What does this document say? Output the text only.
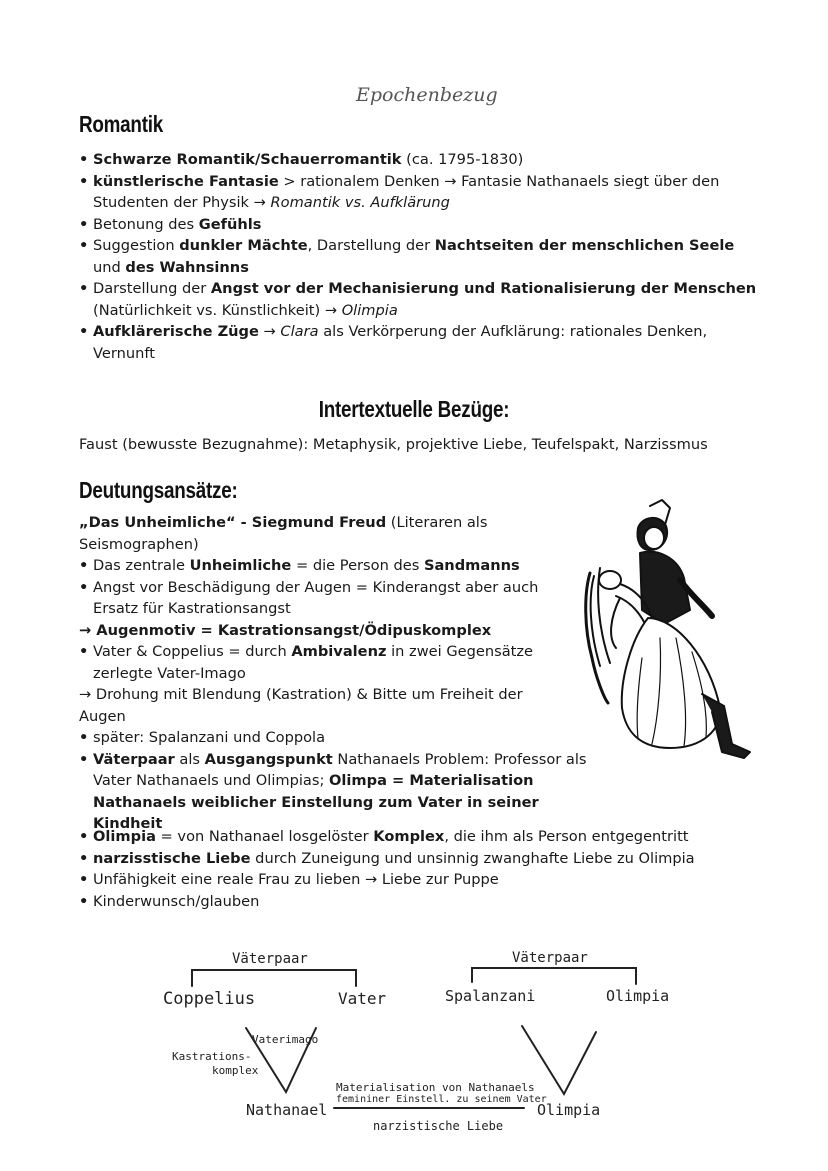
Epochenbezug
Romantik
• Schwarze Romantik/Schauerromantik (ca. 1795-1830)
• künstlerische Fantasie > rationalem Denken → Fantasie Nathanaels siegt über den Studenten der Physik → Romantik vs. Aufklärung
• Betonung des Gefühls
• Suggestion dunkler Mächte, Darstellung der Nachtseiten der menschlichen Seele und des Wahnsinns
• Darstellung der Angst vor der Mechanisierung und Rationalisierung der Menschen (Natürlichkeit vs. Künstlichkeit) → Olimpia
• Aufklärerische Züge → Clara als Verkörperung der Aufklärung: rationales Denken, Vernunft
Intertextuelle Bezüge:
Faust (bewusste Bezugnahme): Metaphysik, projektive Liebe, Teufelspakt, Narzissmus
Deutungsansätze:
„Das Unheimliche“ - Siegmund Freud (Literaren als Seismographen)
• Das zentrale Unheimliche = die Person des Sandmanns
• Angst vor Beschädigung der Augen = Kinderangst aber auch Ersatz für Kastrationsangst
→ Augenmotiv = Kastrationsangst/Ödipuskomplex
• Vater & Coppelius = durch Ambivalenz in zwei Gegensätze zerlegte Vater-Imago
→ Drohung mit Blendung (Kastration) & Bitte um Freiheit der Augen
• später: Spalanzani und Coppola
• Väterpaar als Ausgangspunkt Nathanaels Problem: Professor als Vater Nathanaels und Olimpias; Olimpa = Materialisation Nathanaels weiblicher Einstellung zum Vater in seiner Kindheit
• Olimpia = von Nathanael losgelöster Komplex, die ihm als Person entgegentritt
• narzisstische Liebe durch Zuneigung und unsinnig zwanghafte Liebe zu Olimpia
• Unfähigkeit eine reale Frau zu lieben → Liebe zur Puppe
• Kinderwunsch/glauben
Väterpaar
Coppelius	Vater
Vaterimago
Kastrations-
komplex
Nathanael
Väterpaar
Spalanzani	Olimpia
Olimpia
Materialisation von Nathanaels
femininer Einstell. zu seinem Vater
narzistische Liebe
